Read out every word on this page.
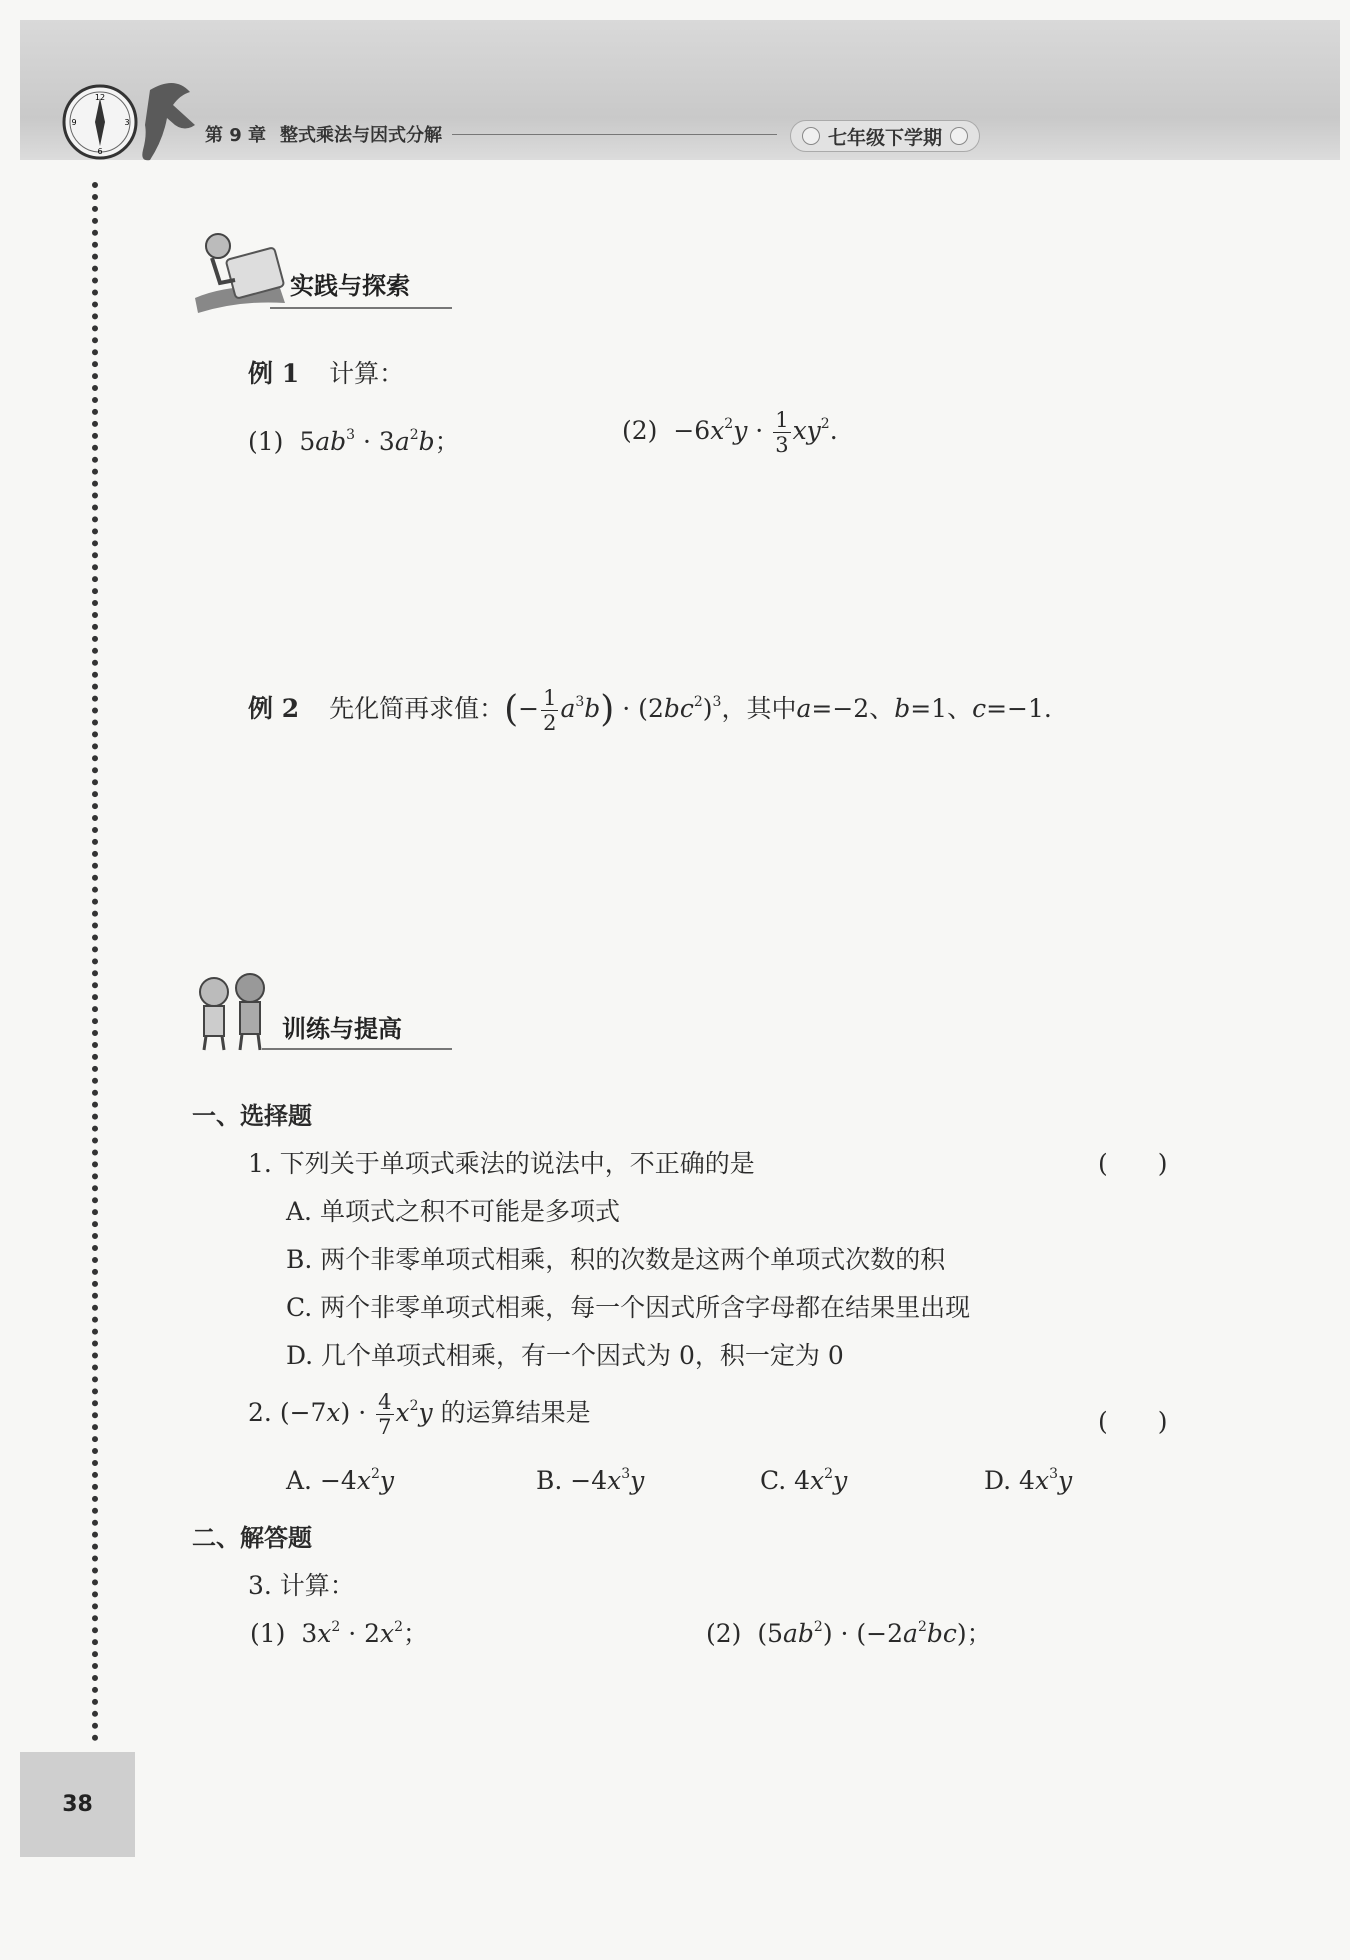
12
3
6
9
第 9 章 整式乘法与因式分解	七年级下学期
实践与探索
例 1 计算：
(1)  $5ab^3 \cdot 3a^2b$；	$(2) -6x^2y \cdot \frac{1}{3} xy^2$.
例 2 先化简再求值：(− $\frac{1}{2} a^3b) \cdot (2bc^2)^3$，其中a=−2、b=1、c=−1.
训练与提高
一、选择题
1. 下列关于单项式乘法的说法中，不正确的是	(　　)
A. 单项式之积不可能是多项式
B. 两个非零单项式相乘，积的次数是这两个单项式次数的积
C. 两个非零单项式相乘，每一个因式所含字母都在结果里出现
D. 几个单项式相乘，有一个因式为 0，积一定为 0
2. $(-7x) \cdot \frac{4}{7} x^2y$ 的运算结果是	(　　)
A. $-4x^2y$	B. $-4x^3y$	C. $4x^2y$	D. $4x^3y$
二、解答题
3. 计算：
(1)  $3x^2 \cdot 2x^2$；	(2)  $(5ab^2) \cdot (-2a^2bc)$；
38
